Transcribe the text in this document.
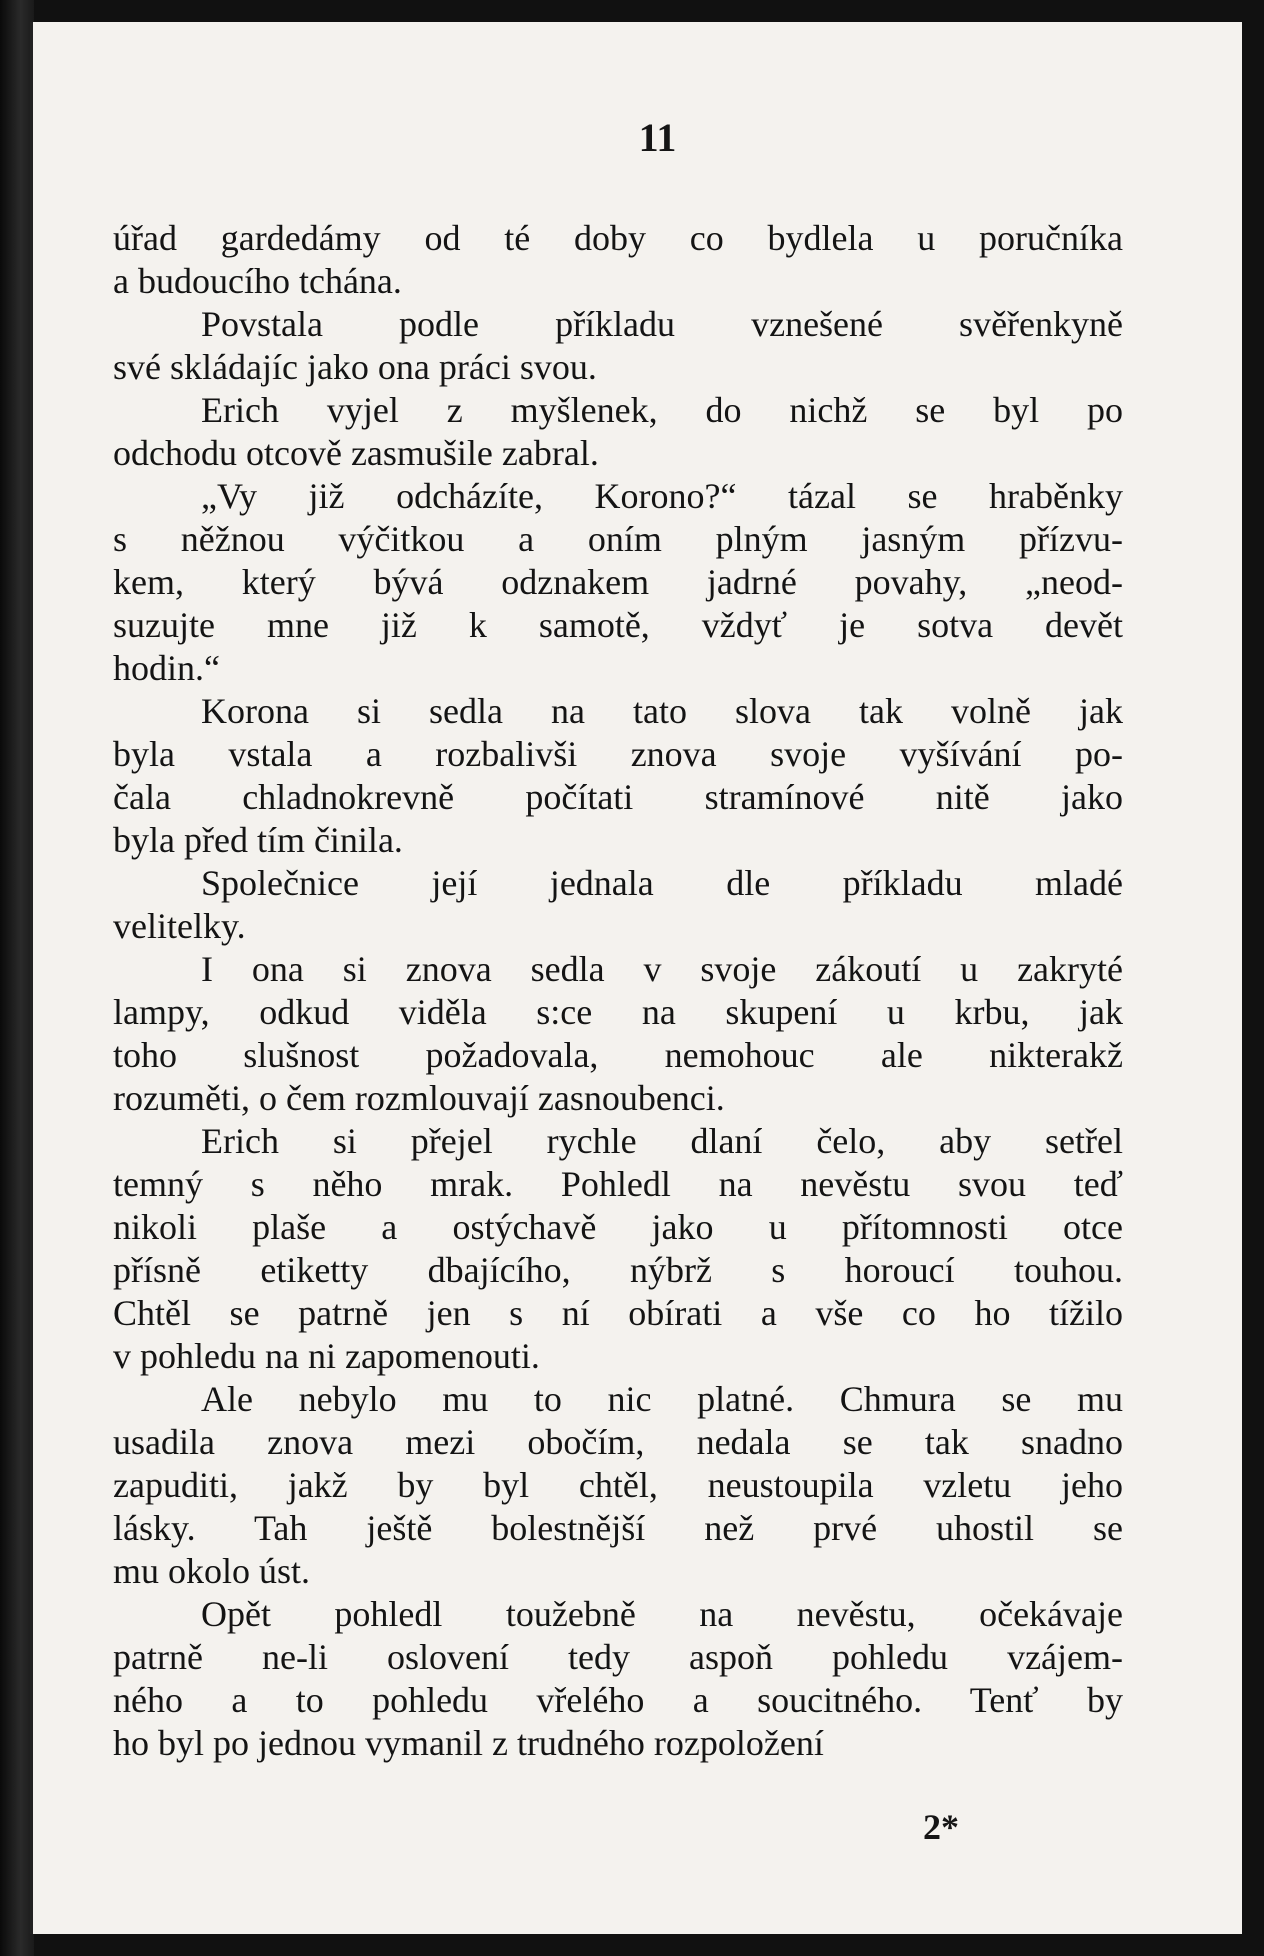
11
úřad gardedámy od té doby co bydlela u poručníka
a budoucího tchána.
Povstala podle příkladu vznešené svěřenkyně
své skládajíc jako ona práci svou.
Erich vyjel z myšlenek, do nichž se byl po
odchodu otcově zasmušile zabral.
„Vy již odcházíte, Korono?“ tázal se hraběnky
s něžnou výčitkou a oním plným jasným přízvu-
kem, který bývá odznakem jadrné povahy, „neod-
suzujte mne již k samotě, vždyť je sotva devět
hodin.“
Korona si sedla na tato slova tak volně jak
byla vstala a rozbalivši znova svoje vyšívání po-
čala chladnokrevně počítati stramínové nitě jako
byla před tím činila.
Společnice její jednala dle příkladu mladé
velitelky.
I ona si znova sedla v svoje zákoutí u zakryté
lampy, odkud viděla s:ce na skupení u krbu, jak
toho slušnost požadovala, nemohouc ale nikterakž
rozuměti, o čem rozmlouvají zasnoubenci.
Erich si přejel rychle dlaní čelo, aby setřel
temný s něho mrak. Pohledl na nevěstu svou teď
nikoli plaše a ostýchavě jako u přítomnosti otce
přísně etiketty dbajícího, nýbrž s horoucí touhou.
Chtěl se patrně jen s ní obírati a vše co ho tížilo
v pohledu na ni zapomenouti.
Ale nebylo mu to nic platné. Chmura se mu
usadila znova mezi obočím, nedala se tak snadno
zapuditi, jakž by byl chtěl, neustoupila vzletu jeho
lásky. Tah ještě bolestnější než prvé uhostil se
mu okolo úst.
Opět pohledl toužebně na nevěstu, očekávaje
patrně ne-li oslovení tedy aspoň pohledu vzájem-
ného a to pohledu vřelého a soucitného. Tenť by
ho byl po jednou vymanil z trudného rozpoložení
2*
